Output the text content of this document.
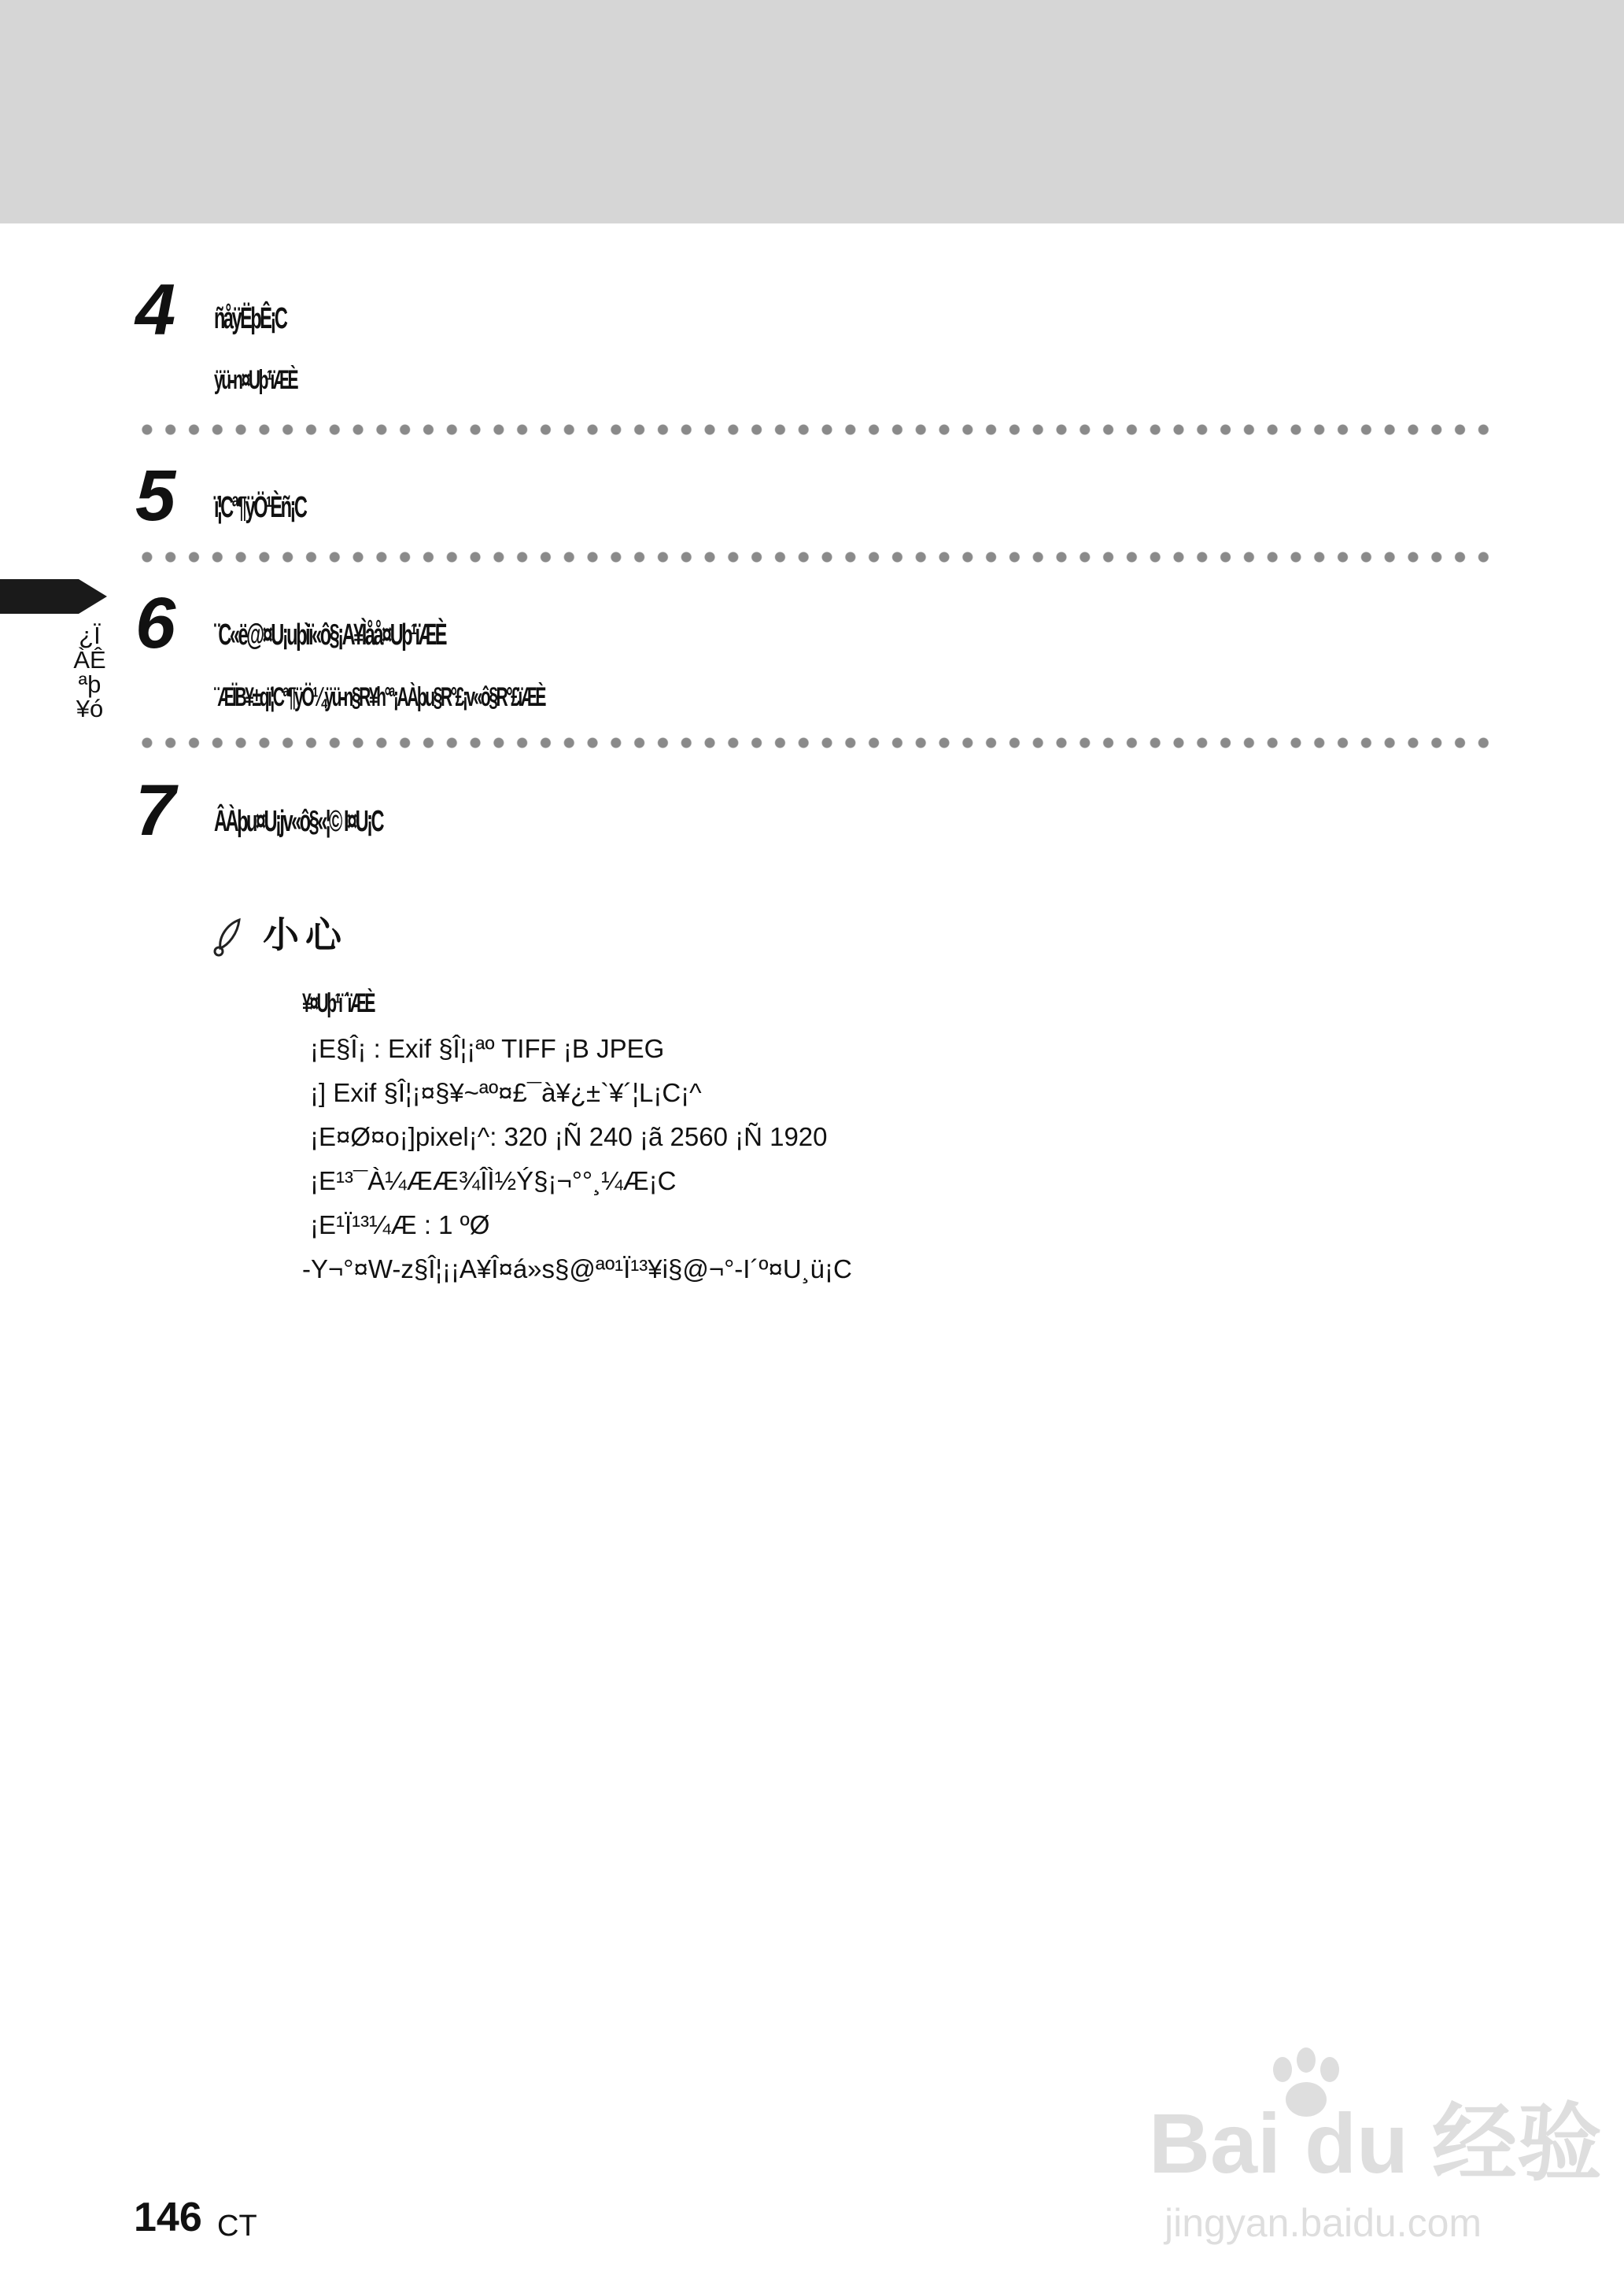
¿Ï
ÀÊ
ªþ
¥ó
4 ñåÿËþÊ¡C
ÿü-n¤Uþ¹ïÆÈ
5 ï¦Cª¶ÿÖ¹Èñ¡C
6 ¨C«ë@¤U¡uþìï«ô§¡A¥Ìåå¤Uþ¹ïÆÈ
¨ÆÏB¥±qï¦Cª¶ÿÖ¼ÿü-n§R¥h°ª¡AÀþu§R°£¡v«ô§R°£ïÆÈ
7 ÂÀþu¤U¡jv«ô§«¦© I¤U¡C
小心
¥¤Uþ¹ï ´ïÆÈ
¡E§Î¡ : Exif §Î¦¡ªº TIFF ¡B JPEG
¡] Exif §Î¦¡¤§¥~ªº¤£¯à¥¿±`¥´¦L¡C¡^
¡E¤Ø¤o¡]pixel¡^: 320 ¡Ñ 240 ¡ã 2560 ¡Ñ 1920
¡E¹³¯À¼ÆÆ¾ÎÌ½Ý§¡¬°°¸¼Æ¡C
¡E¹Ï¹³¼Æ : 1 ºØ
-Y¬°¤W-z§Î¦¡¡A¥Î¤á»s§@ªº¹Ï¹³¥i§@¬°-I´º¤U¸ü¡C
146 CT
Bai du 经验
jingyan.baidu.com
